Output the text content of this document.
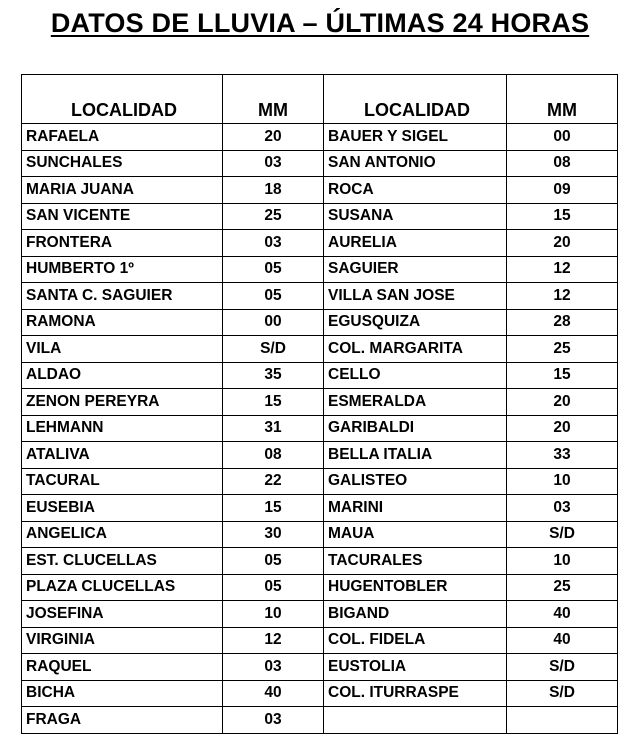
DATOS DE LLUVIA – ÚLTIMAS 24 HORAS
LOCALIDAD	MM	LOCALIDAD	MM
RAFAELA	20	BAUER Y SIGEL	00
SUNCHALES	03	SAN ANTONIO	08
MARIA JUANA	18	ROCA	09
SAN VICENTE	25	SUSANA	15
FRONTERA	03	AURELIA	20
HUMBERTO 1º	05	SAGUIER	12
SANTA C. SAGUIER	05	VILLA SAN JOSE	12
RAMONA	00	EGUSQUIZA	28
VILA	S/D	COL. MARGARITA	25
ALDAO	35	CELLO	15
ZENON PEREYRA	15	ESMERALDA	20
LEHMANN	31	GARIBALDI	20
ATALIVA	08	BELLA ITALIA	33
TACURAL	22	GALISTEO	10
EUSEBIA	15	MARINI	03
ANGELICA	30	MAUA	S/D
EST. CLUCELLAS	05	TACURALES	10
PLAZA CLUCELLAS	05	HUGENTOBLER	25
JOSEFINA	10	BIGAND	40
VIRGINIA	12	COL. FIDELA	40
RAQUEL	03	EUSTOLIA	S/D
BICHA	40	COL. ITURRASPE	S/D
FRAGA	03		
